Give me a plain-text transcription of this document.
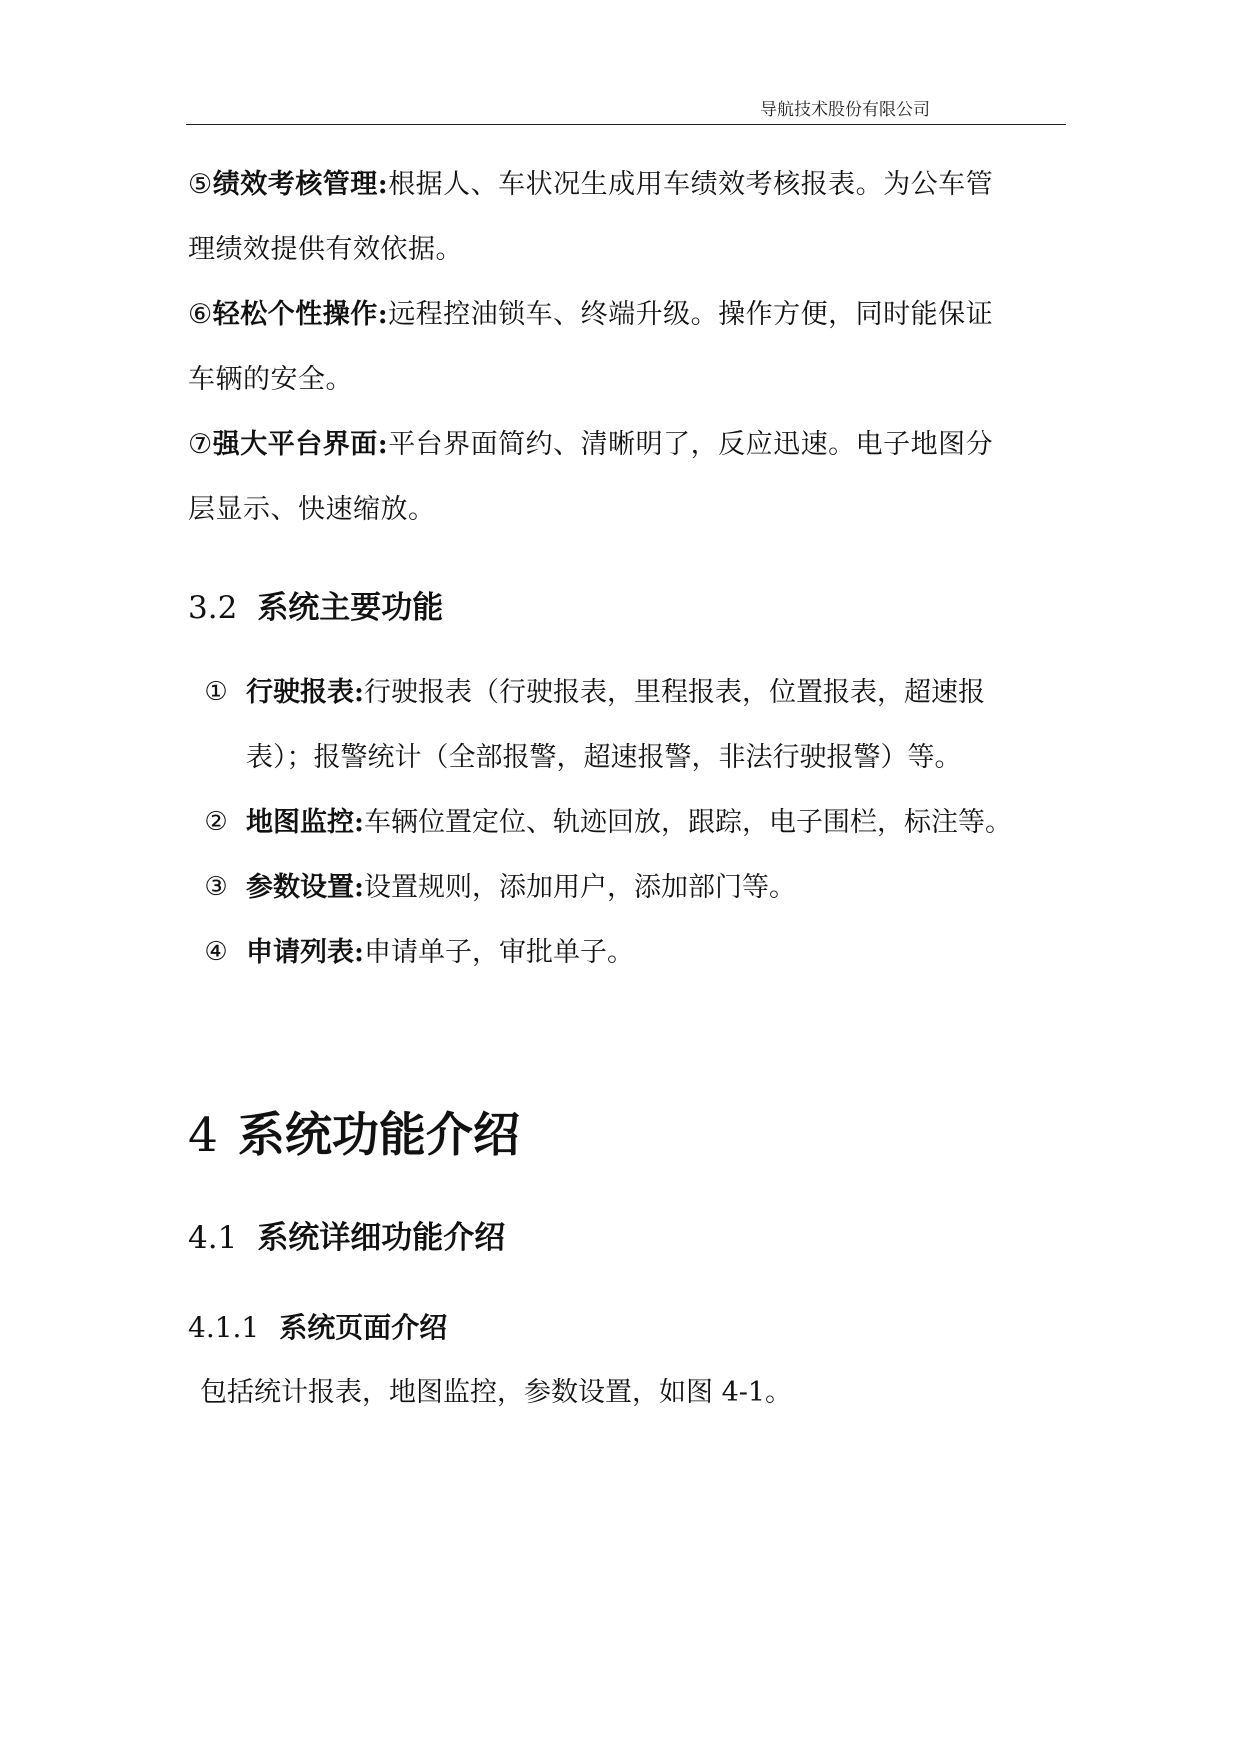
导航技术股份有限公司
⑤绩效考核管理:根据人、车状况生成用车绩效考核报表。为公车管
理绩效提供有效依据。
⑥轻松个性操作:远程控油锁车、终端升级。操作方便，同时能保证
车辆的安全。
⑦强大平台界面:平台界面简约、清晰明了，反应迅速。电子地图分
层显示、快速缩放。
3.2 系统主要功能
① 行驶报表:行驶报表（行驶报表，里程报表，位置报表，超速报
表）；报警统计（全部报警，超速报警，非法行驶报警）等。
② 地图监控:车辆位置定位、轨迹回放，跟踪，电子围栏，标注等。
③ 参数设置:设置规则，添加用户，添加部门等。
④ 申请列表:申请单子，审批单子。
4 系统功能介绍
4.1 系统详细功能介绍
4.1.1 系统页面介绍
包括统计报表，地图监控，参数设置，如图 4-1。
